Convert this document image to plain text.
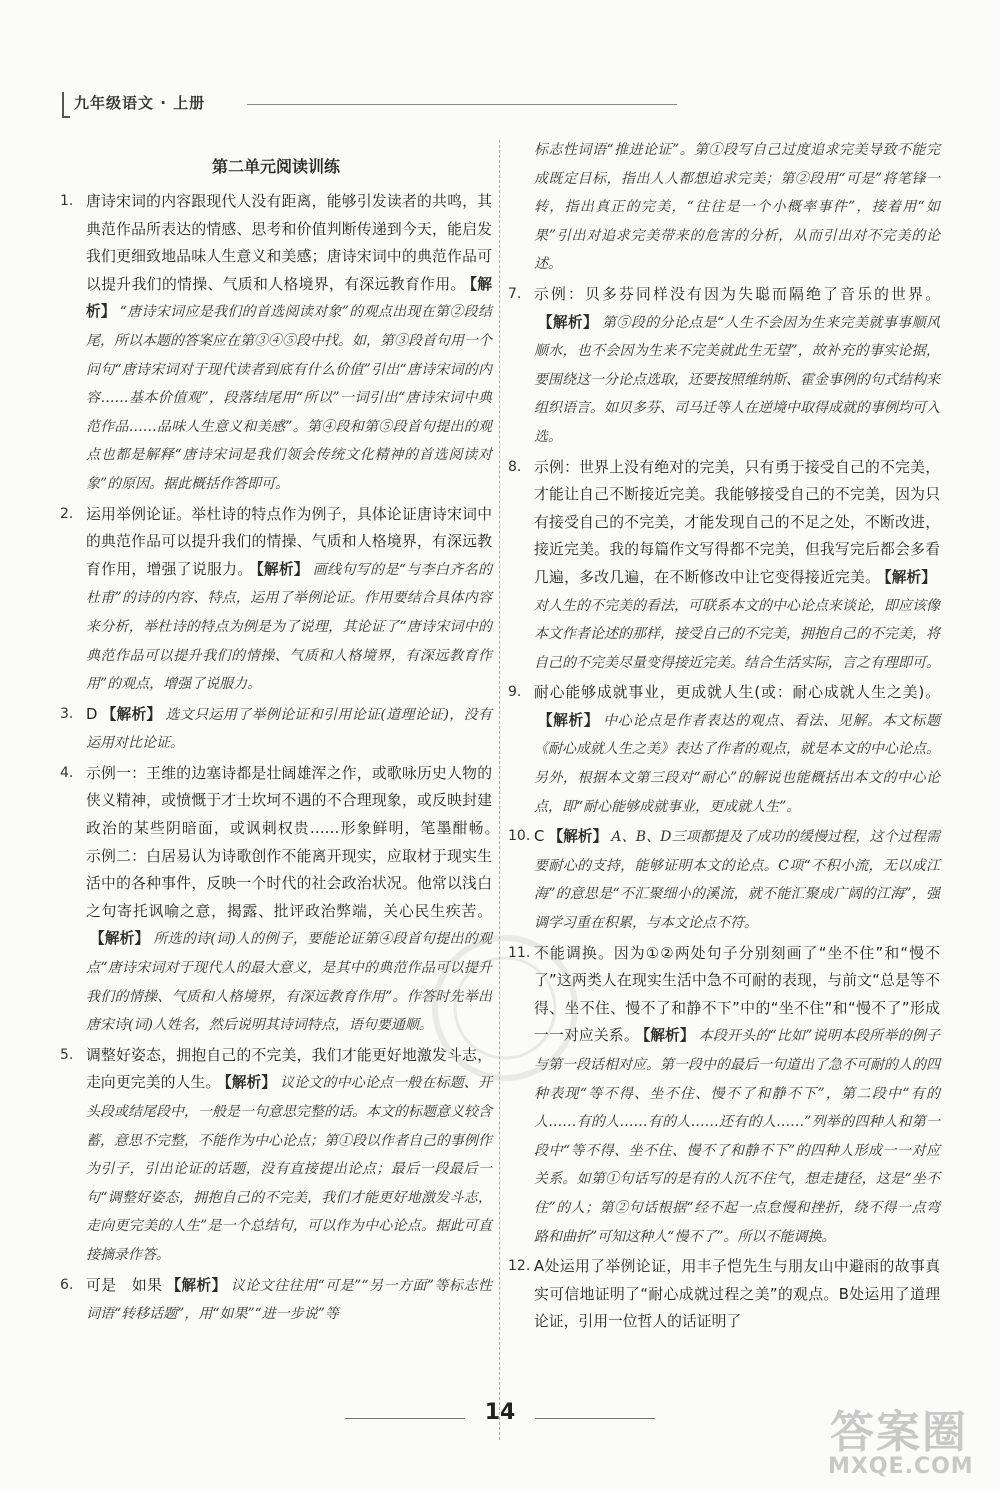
九年级语文 · 上册
第二单元阅读训练
1. 唐诗宋词的内容跟现代人没有距离，能够引发读者的共鸣，其典范作品所表达的情感、思考和价值判断传递到今天，能启发我们更细致地品味人生意义和美感；唐诗宋词中的典范作品可以提升我们的情操、气质和人格境界，有深远教育作用。 【解析】 “唐诗宋词应是我们的首选阅读对象”的观点出现在第②段结尾，所以本题的答案应在第③④⑤段中找。如，第③段首句用一个问句“唐诗宋词对于现代读者到底有什么价值”引出“唐诗宋词的内容……基本价值观”，段落结尾用“所以”一词引出“唐诗宋词中典范作品……品味人生意义和美感”。第④段和第⑤段首句提出的观点也都是解释“唐诗宋词是我们领会传统文化精神的首选阅读对象”的原因。据此概括作答即可。
2. 运用举例论证。举杜诗的特点作为例子，具体论证唐诗宋词中的典范作品可以提升我们的情操、气质和人格境界，有深远教育作用，增强了说服力。 【解析】 画线句写的是“与李白齐名的杜甫”的诗的内容、特点，运用了举例论证。作用要结合具体内容来分析，举杜诗的特点为例是为了说理，其论证了“唐诗宋词中的典范作品可以提升我们的情操、气质和人格境界，有深远教育作用”的观点，增强了说服力。
3. D 【解析】 选文只运用了举例论证和引用论证(道理论证)，没有运用对比论证。
4. 示例一：王维的边塞诗都是壮阔雄浑之作，或歌咏历史人物的侠义精神，或愤慨于才士坎坷不遇的不合理现象，或反映封建政治的某些阴暗面，或讽刺权贵……形象鲜明，笔墨酣畅。　示例二：白居易认为诗歌创作不能离开现实，应取材于现实生活中的各种事件，反映一个时代的社会政治状况。他常以浅白之句寄托讽喻之意，揭露、批评政治弊端，关心民生疾苦。【解析】 所选的诗(词)人的例子，要能论证第④段首句提出的观点“唐诗宋词对于现代人的最大意义，是其中的典范作品可以提升我们的情操、气质和人格境界，有深远教育作用”。作答时先举出唐宋诗(词)人姓名，然后说明其诗词特点，语句要通顺。
5. 调整好姿态，拥抱自己的不完美，我们才能更好地激发斗志，走向更完美的人生。 【解析】 议论文的中心论点一般在标题、开头段或结尾段中，一般是一句意思完整的话。本文的标题意义较含蓄，意思不完整，不能作为中心论点；第①段以作者自己的事例作为引子，引出论证的话题，没有直接提出论点；最后一段最后一句“调整好姿态，拥抱自己的不完美，我们才能更好地激发斗志，走向更完美的人生”是一个总结句，可以作为中心论点。据此可直接摘录作答。
6. 可是　如果 【解析】 议论文往往用“可是”“另一方面”等标志性词语“转移话题”，用“如果”“进一步说”等
标志性词语“推进论证”。第①段写自己过度追求完美导致不能完成既定目标，指出人人都想追求完美；第②段用“可是”将笔锋一转，指出真正的完美，“往往是一个小概率事件”，接着用“如果”引出对追求完美带来的危害的分析，从而引出对不完美的论述。
7. 示例：贝多芬同样没有因为失聪而隔绝了音乐的世界。【解析】 第⑤段的分论点是“人生不会因为生来完美就事事顺风顺水，也不会因为生来不完美就此生无望”，故补充的事实论据，要围绕这一分论点选取，还要按照维纳斯、霍金事例的句式结构来组织语言。如贝多芬、司马迁等人在逆境中取得成就的事例均可入选。
8. 示例：世界上没有绝对的完美，只有勇于接受自己的不完美，才能让自己不断接近完美。我能够接受自己的不完美，因为只有接受自己的不完美，才能发现自己的不足之处，不断改进，接近完美。我的每篇作文写得都不完美，但我写完后都会多看几遍，多改几遍，在不断修改中让它变得接近完美。 【解析】对人生的不完美的看法，可联系本文的中心论点来谈论，即应该像本文作者论述的那样，接受自己的不完美，拥抱自己的不完美，将自己的不完美尽量变得接近完美。结合生活实际，言之有理即可。
9. 耐心能够成就事业，更成就人生(或：耐心成就人生之美)。【解析】 中心论点是作者表达的观点、看法、见解。本文标题《耐心成就人生之美》表达了作者的观点，就是本文的中心论点。另外，根据本文第三段对“耐心”的解说也能概括出本文的中心论点，即“耐心能够成就事业，更成就人生”。
10. C 【解析】 A、B、D三项都提及了成功的缓慢过程，这个过程需要耐心的支持，能够证明本文的论点。C项“不积小流，无以成江海”的意思是“不汇聚细小的溪流，就不能汇聚成广阔的江海”，强调学习重在积累，与本文论点不符。
11. 不能调换。因为①②两处句子分别刻画了“坐不住”和“慢不了”这两类人在现实生活中急不可耐的表现，与前文“总是等不得、坐不住、慢不了和静不下”中的“坐不住”和“慢不了”形成一一对应关系。 【解析】 本段开头的“比如”说明本段所举的例子与第一段话相对应。第一段中的最后一句道出了急不可耐的人的四种表现“等不得、坐不住、慢不了和静不下”，第二段中“有的人……有的人……有的人……还有的人……”列举的四种人和第一段中“等不得、坐不住、慢不了和静不下”的四种人形成一一对应关系。如第①句话写的是有的人沉不住气，想走捷径，这是“坐不住”的人；第②句话根据“经不起一点怠慢和挫折，绕不得一点弯路和曲折”可知这种人“慢不了”。所以不能调换。
12. A处运用了举例论证，用丰子恺先生与朋友山中避雨的故事真实可信地证明了“耐心成就过程之美”的观点。B处运用了道理论证，引用一位哲人的话证明了
14	答案圈
MXQE.COM
